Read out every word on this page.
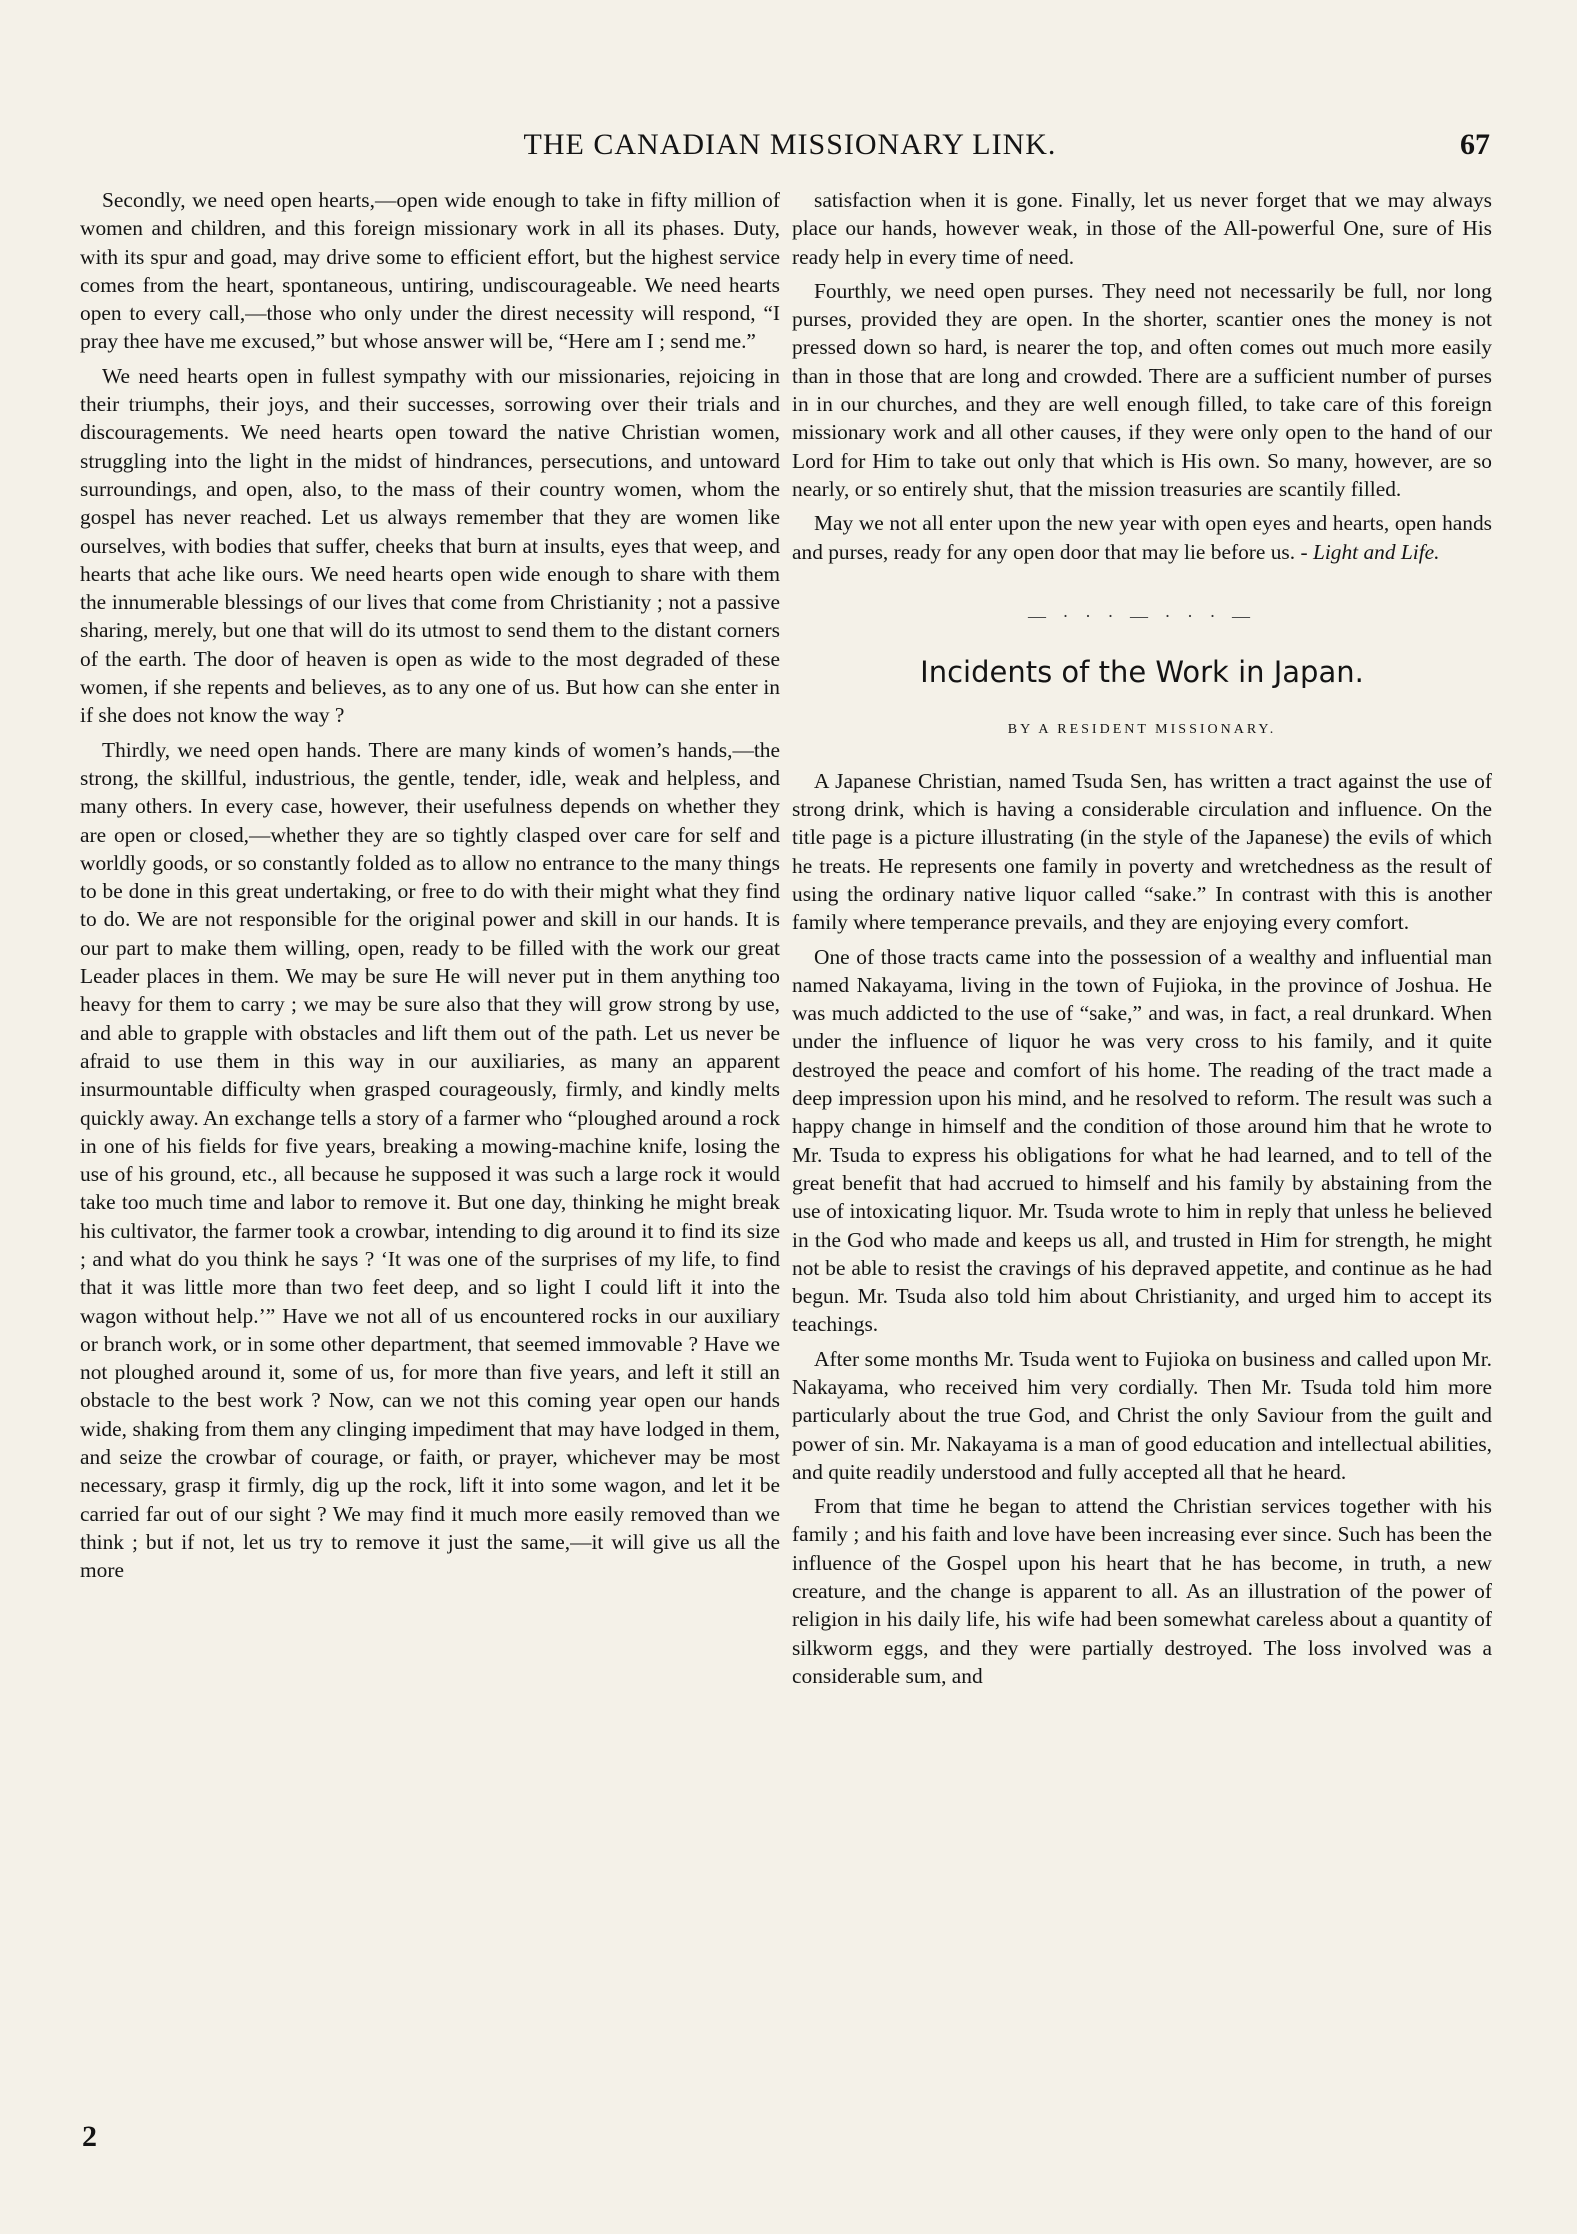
THE CANADIAN MISSIONARY LINK.	67

Secondly, we need open hearts,—open wide enough to take in fifty million of women and children, and this foreign missionary work in all its phases. Duty, with its spur and goad, may drive some to efficient effort, but the highest service comes from the heart, spontaneous, untiring, undiscourageable. We need hearts open to every call,—those who only under the direst necessity will respond, “I pray thee have me excused,” but whose answer will be, “Here am I ; send me.”

We need hearts open in fullest sympathy with our missionaries, rejoicing in their triumphs, their joys, and their successes, sorrowing over their trials and discouragements. We need hearts open toward the native Christian women, struggling into the light in the midst of hindrances, persecutions, and untoward surroundings, and open, also, to the mass of their country women, whom the gospel has never reached. Let us always remember that they are women like ourselves, with bodies that suffer, cheeks that burn at insults, eyes that weep, and hearts that ache like ours. We need hearts open wide enough to share with them the innumerable blessings of our lives that come from Christianity ; not a passive sharing, merely, but one that will do its utmost to send them to the distant corners of the earth. The door of heaven is open as wide to the most degraded of these women, if she repents and believes, as to any one of us. But how can she enter in if she does not know the way ?

Thirdly, we need open hands. There are many kinds of women’s hands,—the strong, the skillful, industrious, the gentle, tender, idle, weak and helpless, and many others. In every case, however, their usefulness depends on whether they are open or closed,—whether they are so tightly clasped over care for self and worldly goods, or so constantly folded as to allow no entrance to the many things to be done in this great undertaking, or free to do with their might what they find to do. We are not responsible for the original power and skill in our hands. It is our part to make them willing, open, ready to be filled with the work our great Leader places in them. We may be sure He will never put in them anything too heavy for them to carry ; we may be sure also that they will grow strong by use, and able to grapple with obstacles and lift them out of the path. Let us never be afraid to use them in this way in our auxiliaries, as many an apparent insurmountable difficulty when grasped courageously, firmly, and kindly melts quickly away. An exchange tells a story of a farmer who “ploughed around a rock in one of his fields for five years, breaking a mowing-machine knife, losing the use of his ground, etc., all because he supposed it was such a large rock it would take too much time and labor to remove it. But one day, thinking he might break his cultivator, the farmer took a crowbar, intending to dig around it to find its size ; and what do you think he says ? ‘It was one of the surprises of my life, to find that it was little more than two feet deep, and so light I could lift it into the wagon without help.’” Have we not all of us encountered rocks in our auxiliary or branch work, or in some other department, that seemed immovable ? Have we not ploughed around it, some of us, for more than five years, and left it still an obstacle to the best work ? Now, can we not this coming year open our hands wide, shaking from them any clinging impediment that may have lodged in them, and seize the crowbar of courage, or faith, or prayer, whichever may be most necessary, grasp it firmly, dig up the rock, lift it into some wagon, and let it be carried far out of our sight ? We may find it much more easily removed than we think ; but if not, let us try to remove it just the same,—it will give us all the more

satisfaction when it is gone. Finally, let us never forget that we may always place our hands, however weak, in those of the All-powerful One, sure of His ready help in every time of need.

Fourthly, we need open purses. They need not necessarily be full, nor long purses, provided they are open. In the shorter, scantier ones the money is not pressed down so hard, is nearer the top, and often comes out much more easily than in those that are long and crowded. There are a sufficient number of purses in in our churches, and they are well enough filled, to take care of this foreign missionary work and all other causes, if they were only open to the hand of our Lord for Him to take out only that which is His own. So many, however, are so nearly, or so entirely shut, that the mission treasuries are scantily filled.

May we not all enter upon the new year with open eyes and hearts, open hands and purses, ready for any open door that may lie before us. - Light and Life.

— · · · — · · · —
Incidents of the Work in Japan.
BY A RESIDENT MISSIONARY.

A Japanese Christian, named Tsuda Sen, has written a tract against the use of strong drink, which is having a considerable circulation and influence. On the title page is a picture illustrating (in the style of the Japanese) the evils of which he treats. He represents one family in poverty and wretchedness as the result of using the ordinary native liquor called “sake.” In contrast with this is another family where temperance prevails, and they are enjoying every comfort.

One of those tracts came into the possession of a wealthy and influential man named Nakayama, living in the town of Fujioka, in the province of Joshua. He was much addicted to the use of “sake,” and was, in fact, a real drunkard. When under the influence of liquor he was very cross to his family, and it quite destroyed the peace and comfort of his home. The reading of the tract made a deep impression upon his mind, and he resolved to reform. The result was such a happy change in himself and the condition of those around him that he wrote to Mr. Tsuda to express his obligations for what he had learned, and to tell of the great benefit that had accrued to himself and his family by abstaining from the use of intoxicating liquor. Mr. Tsuda wrote to him in reply that unless he believed in the God who made and keeps us all, and trusted in Him for strength, he might not be able to resist the cravings of his depraved appetite, and continue as he had begun. Mr. Tsuda also told him about Christianity, and urged him to accept its teachings.

After some months Mr. Tsuda went to Fujioka on business and called upon Mr. Nakayama, who received him very cordially. Then Mr. Tsuda told him more particularly about the true God, and Christ the only Saviour from the guilt and power of sin. Mr. Nakayama is a man of good education and intellectual abilities, and quite readily understood and fully accepted all that he heard.

From that time he began to attend the Christian services together with his family ; and his faith and love have been increasing ever since. Such has been the influence of the Gospel upon his heart that he has become, in truth, a new creature, and the change is apparent to all. As an illustration of the power of religion in his daily life, his wife had been somewhat careless about a quantity of silkworm eggs, and they were partially destroyed. The loss involved was a considerable sum, and

2
